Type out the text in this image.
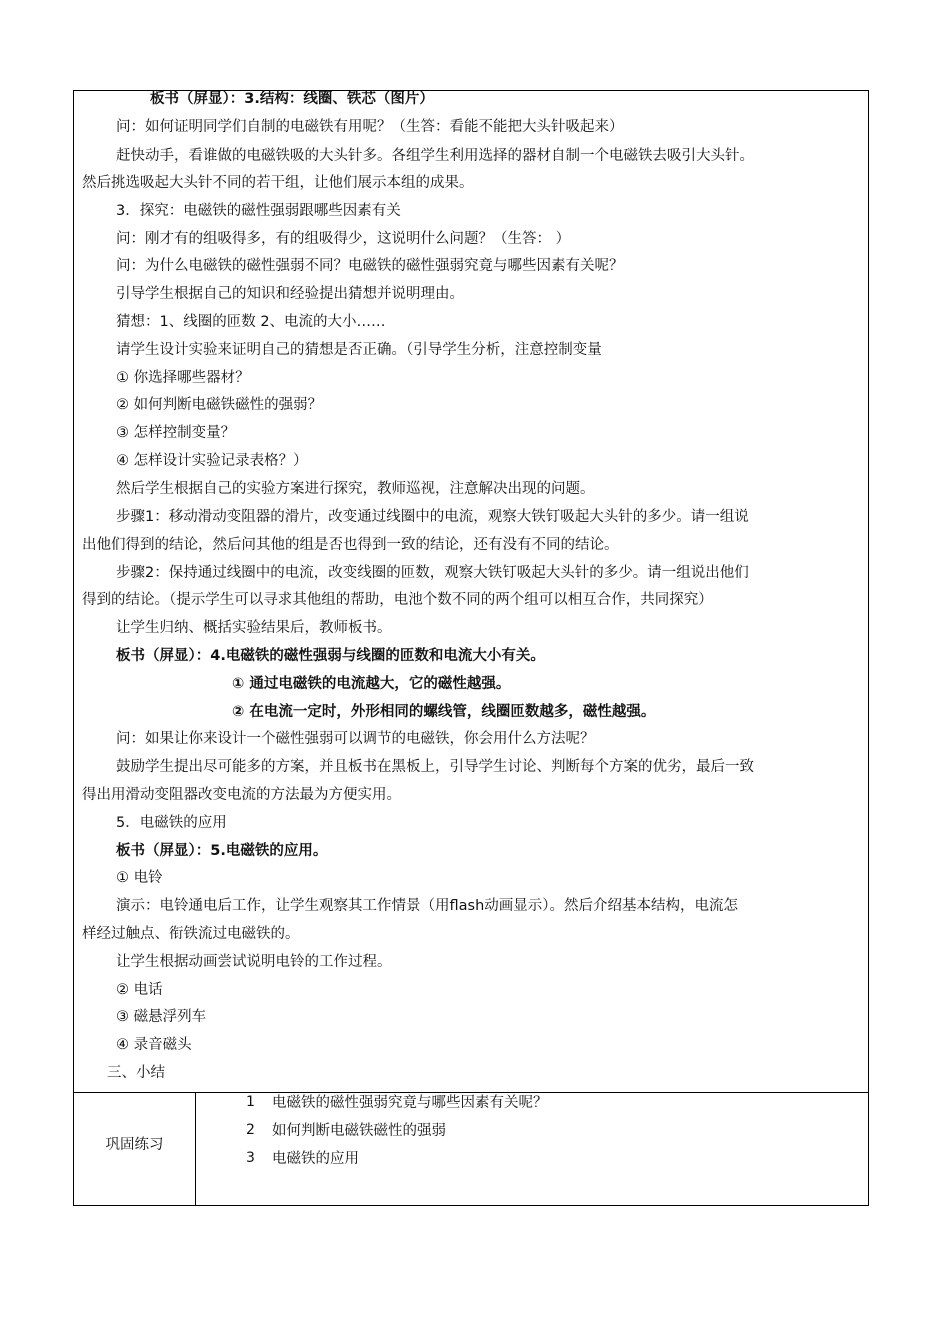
板书（屏显）：3.结构：线圈、铁芯（图片）
问：如何证明同学们自制的电磁铁有用呢？（生答：看能不能把大头针吸起来）
赶快动手，看谁做的电磁铁吸的大头针多。各组学生利用选择的器材自制一个电磁铁去吸引大头针。
然后挑选吸起大头针不同的若干组，让他们展示本组的成果。
3．探究：电磁铁的磁性强弱跟哪些因素有关
问：刚才有的组吸得多，有的组吸得少，这说明什么问题？（生答： ）
问：为什么电磁铁的磁性强弱不同？电磁铁的磁性强弱究竟与哪些因素有关呢？
引导学生根据自己的知识和经验提出猜想并说明理由。
猜想：1、线圈的匝数 2、电流的大小……
请学生设计实验来证明自己的猜想是否正确。（引导学生分析，注意控制变量
① 你选择哪些器材？
② 如何判断电磁铁磁性的强弱？
③ 怎样控制变量？
④ 怎样设计实验记录表格？）
然后学生根据自己的实验方案进行探究，教师巡视，注意解决出现的问题。
步骤1：移动滑动变阻器的滑片，改变通过线圈中的电流，观察大铁钉吸起大头针的多少。请一组说
出他们得到的结论，然后问其他的组是否也得到一致的结论，还有没有不同的结论。
步骤2：保持通过线圈中的电流，改变线圈的匝数，观察大铁钉吸起大头针的多少。请一组说出他们
得到的结论。（提示学生可以寻求其他组的帮助，电池个数不同的两个组可以相互合作，共同探究）
让学生归纳、概括实验结果后，教师板书。
板书（屏显）：4.电磁铁的磁性强弱与线圈的匝数和电流大小有关。
① 通过电磁铁的电流越大，它的磁性越强。
② 在电流一定时，外形相同的螺线管，线圈匝数越多，磁性越强。
问：如果让你来设计一个磁性强弱可以调节的电磁铁，你会用什么方法呢？
鼓励学生提出尽可能多的方案，并且板书在黑板上，引导学生讨论、判断每个方案的优劣，最后一致
得出用滑动变阻器改变电流的方法最为方便实用。
5．电磁铁的应用
板书（屏显）：5.电磁铁的应用。
① 电铃
演示：电铃通电后工作，让学生观察其工作情景（用flash动画显示）。然后介绍基本结构，电流怎
样经过触点、衔铁流过电磁铁的。
让学生根据动画尝试说明电铃的工作过程。
② 电话
③ 磁悬浮列车
④ 录音磁头
三、小结
巩固练习
1 电磁铁的磁性强弱究竟与哪些因素有关呢？
2 如何判断电磁铁磁性的强弱
3 电磁铁的应用
